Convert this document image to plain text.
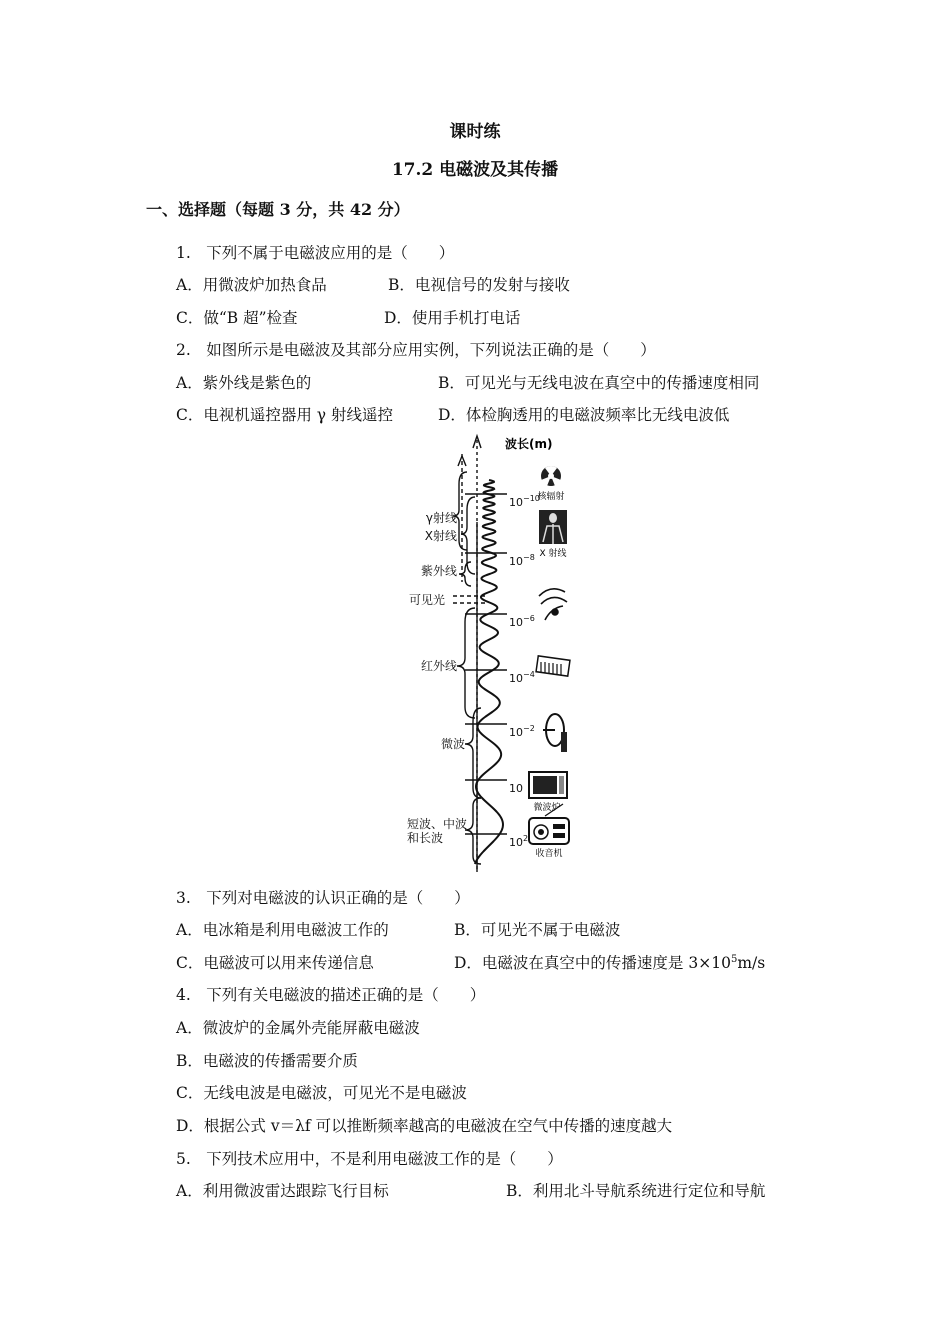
课时练
17.2 电磁波及其传播
一、选择题（每题 3 分，共 42 分）
1.　下列不属于电磁波应用的是（　　）
A．用微波炉加热食品	B．电视信号的发射与接收
C．做“B 超”检查	D．使用手机打电话
2.　如图所示是电磁波及其部分应用实例，下列说法正确的是（　　）
A．紫外线是紫色的	B．可见光与无线电波在真空中的传播速度相同
C．电视机遥控器用 γ 射线遥控	D．体检胸透用的电磁波频率比无线电波低
γ射线
X射线
紫外线
可见光
红外线
微波
短波、中波
和长波
波长(m)
$10^{-10}$
$10^{-8}$
$10^{-6}$
$10^{-4}$
$10^{-2}$
10
$10^2$
核辐射
X 射线
微波炉
收音机
3.　下列对电磁波的认识正确的是（　　）
A．电冰箱是利用电磁波工作的	B．可见光不属于电磁波
C．电磁波可以用来传递信息	D．电磁波在真空中的传播速度是 $3\times 10^5m/s$
4.　下列有关电磁波的描述正确的是（　　）
A．微波炉的金属外壳能屏蔽电磁波
B．电磁波的传播需要介质
C．无线电波是电磁波，可见光不是电磁波
D．根据公式 v＝λf 可以推断频率越高的电磁波在空气中传播的速度越大
5.　下列技术应用中，不是利用电磁波工作的是（　　）
A．利用微波雷达跟踪飞行目标	B．利用北斗导航系统进行定位和导航
